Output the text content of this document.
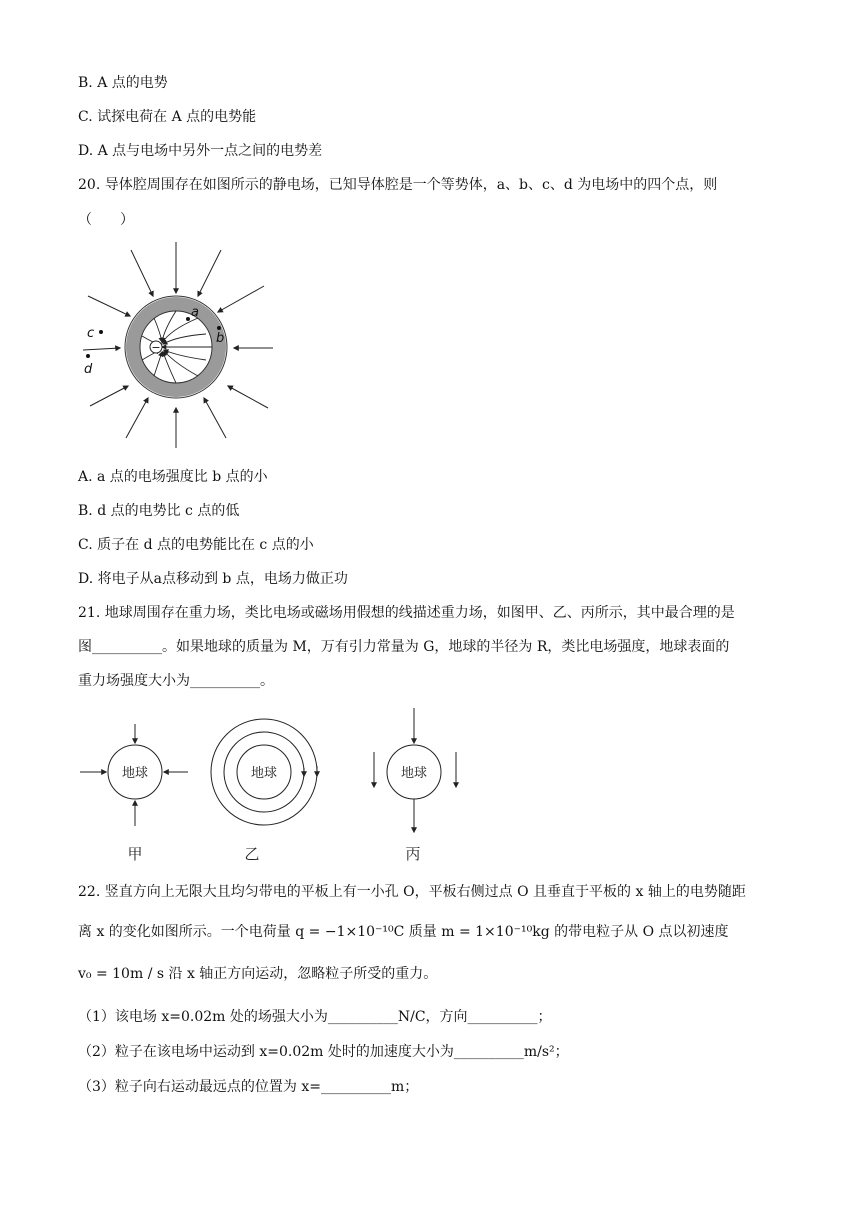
B. A 点的电势
C. 试探电荷在 A 点的电势能
D. A 点与电场中另外一点之间的电势差
20. 导体腔周围存在如图所示的静电场，已知导体腔是一个等势体，a、b、c、d 为电场中的四个点，则
（　　）
−
a
b
c
d
A. a 点的电场强度比 b 点的小
B. d 点的电势比 c 点的低
C. 质子在 d 点的电势能比在 c 点的小
D. 将电子从a点移动到 b 点，电场力做正功
21. 地球周围存在重力场，类比电场或磁场用假想的线描述重力场，如图甲、乙、丙所示，其中最合理的是
图__________。如果地球的质量为 M，万有引力常量为 G，地球的半径为 R，类比电场强度，地球表面的
重力场强度大小为__________。
地球
甲
地球
乙
地球
丙
22. 竖直方向上无限大且均匀带电的平板上有一小孔 O，平板右侧过点 O 且垂直于平板的 x 轴上的电势随距
离 x 的变化如图所示。一个电荷量 q = −1×10⁻¹⁰C 质量 m = 1×10⁻¹⁰kg 的带电粒子从 O 点以初速度
v₀ = 10m / s 沿 x 轴正方向运动，忽略粒子所受的重力。
（1）该电场 x=0.02m 处的场强大小为__________N/C，方向__________；
（2）粒子在该电场中运动到 x=0.02m 处时的加速度大小为__________m/s²；
（3）粒子向右运动最远点的位置为 x=__________m；
